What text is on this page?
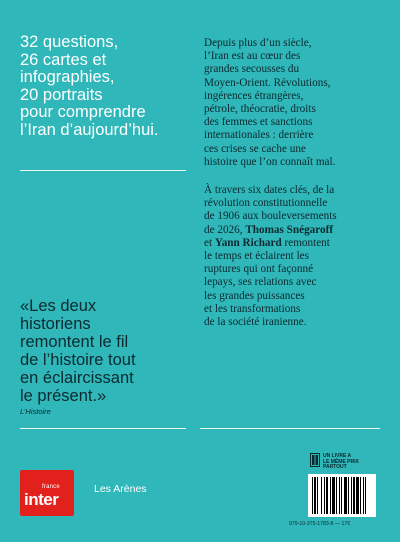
32 questions,
26 cartes et
infographies,
20 portraits
pour comprendre
l’Iran d’aujourd’hui.
Depuis plus d’un siècle,
l’Iran est au cœur des
grandes secousses du
Moyen-Orient. Révolutions,
ingérences étrangères,
pétrole, théocratie, droits
des femmes et sanctions
internationales : derrière
ces crises se cache une
histoire que l’on connaît mal.
À travers six dates clés, de la
révolution constitutionnelle
de 1906 aux bouleversements
de 2026, Thomas Snégaroff
et Yann Richard remontent
le temps et éclairent les
ruptures qui ont façonné
lepays, ses relations avec
les grandes puissances
et les transformations
de la société iranienne.
«Les deux
historiens
remontent le fil
de l’histoire tout
en éclaircissant
le présent.»
L’Histoire
france
inter
Les Arènes
UN LIVRE A
LE MÊME PRIX
PARTOUT
979-10-375-1783-8 — 17€
